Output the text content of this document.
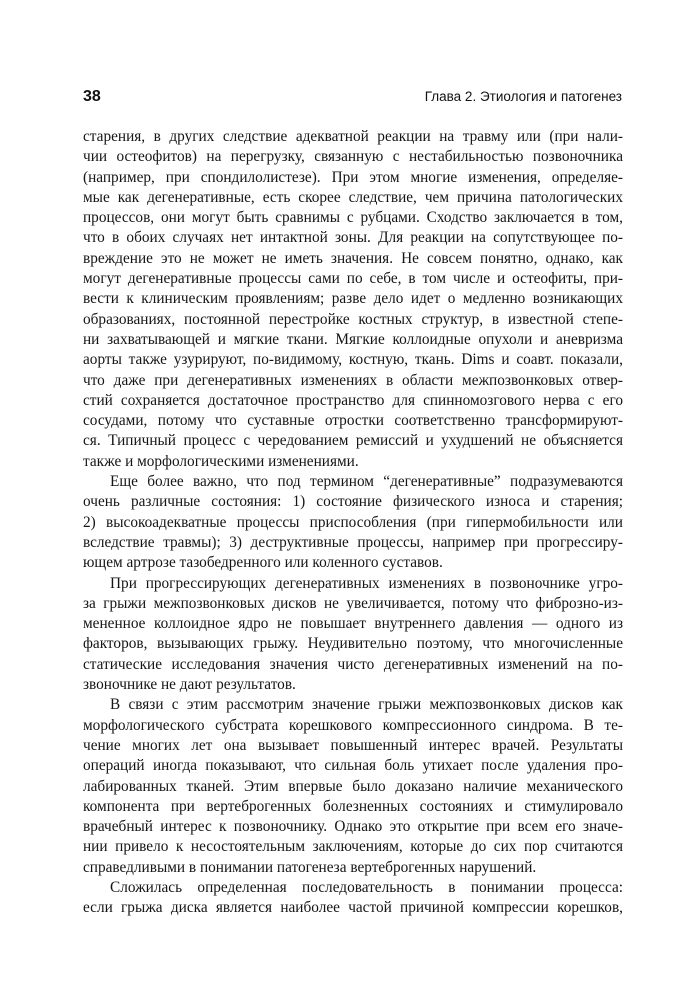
38	Глава 2. Этиология и патогенез

старения, в других следствие адекватной реакции на травму или (при нали-
чии остеофитов) на перегрузку, связанную с нестабильностью позвоночника
(например, при спондилолистезе). При этом многие изменения, определяе-
мые как дегенеративные, есть скорее следствие, чем причина патологических
процессов, они могут быть сравнимы с рубцами. Сходство заключается в том,
что в обоих случаях нет интактной зоны. Для реакции на сопутствующее по-
вреждение это не может не иметь значения. Не совсем понятно, однако, как
могут дегенеративные процессы сами по себе, в том числе и остеофиты, при-
вести к клиническим проявлениям; разве дело идет о медленно возникающих
образованиях, постоянной перестройке костных структур, в известной степе-
ни захватывающей и мягкие ткани. Мягкие коллоидные опухоли и аневризма
аорты также узурируют, по-видимому, костную, ткань. Dims и соавт. показали,
что даже при дегенеративных изменениях в области межпозвонковых отвер-
стий сохраняется достаточное пространство для спинномозгового нерва с его
сосудами, потому что суставные отростки соответственно трансформируют-
ся. Типичный процесс с чередованием ремиссий и ухудшений не объясняется
также и морфологическими изменениями.

Еще более важно, что под термином “дегенеративные” подразумеваются
очень различные состояния: 1) состояние физического износа и старения;
2) высокоадекватные процессы приспособления (при гипермобильности или
вследствие травмы); 3) деструктивные процессы, например при прогрессиру-
ющем артрозе тазобедренного или коленного суставов.

При прогрессирующих дегенеративных изменениях в позвоночнике угро-
за грыжи межпозвонковых дисков не увеличивается, потому что фиброзно-из-
мененное коллоидное ядро не повышает внутреннего давления — одного из
факторов, вызывающих грыжу. Неудивительно поэтому, что многочисленные
статические исследования значения чисто дегенеративных изменений на по-
звоночнике не дают результатов.

В связи с этим рассмотрим значение грыжи межпозвонковых дисков как
морфологического субстрата корешкового компрессионного синдрома. В те-
чение многих лет она вызывает повышенный интерес врачей. Результаты
операций иногда показывают, что сильная боль утихает после удаления про-
лабированных тканей. Этим впервые было доказано наличие механического
компонента при вертеброгенных болезненных состояниях и стимулировало
врачебный интерес к позвоночнику. Однако это открытие при всем его значе-
нии привело к несостоятельным заключениям, которые до сих пор считаются
справедливыми в понимании патогенеза вертеброгенных нарушений.

Сложилась определенная последовательность в понимании процесса:
если грыжа диска является наиболее частой причиной компрессии корешков,
